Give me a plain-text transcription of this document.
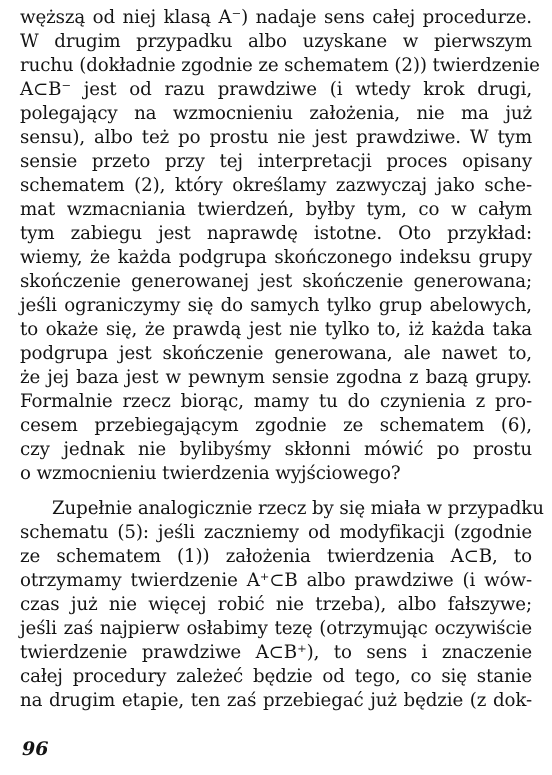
węższą od niej klasą A⁻) nadaje sens całej procedurze.
W drugim przypadku albo uzyskane w pierwszym
ruchu (dokładnie zgodnie ze schematem (2)) twierdzenie
A⊂B⁻ jest od razu prawdziwe (i wtedy krok drugi,
polegający na wzmocnieniu założenia, nie ma już
sensu), albo też po prostu nie jest prawdziwe. W tym
sensie przeto przy tej interpretacji proces opisany
schematem (2), który określamy zazwyczaj jako sche-
mat wzmacniania twierdzeń, byłby tym, co w całym
tym zabiegu jest naprawdę istotne. Oto przykład:
wiemy, że każda podgrupa skończonego indeksu grupy
skończenie generowanej jest skończenie generowana;
jeśli ograniczymy się do samych tylko grup abelowych,
to okaże się, że prawdą jest nie tylko to, iż każda taka
podgrupa jest skończenie generowana, ale nawet to,
że jej baza jest w pewnym sensie zgodna z bazą grupy.
Formalnie rzecz biorąc, mamy tu do czynienia z pro-
cesem przebiegającym zgodnie ze schematem (6),
czy jednak nie bylibyśmy skłonni mówić po prostu
o wzmocnieniu twierdzenia wyjściowego?
Zupełnie analogicznie rzecz by się miała w przypadku
schematu (5): jeśli zaczniemy od modyfikacji (zgodnie
ze schematem (1)) założenia twierdzenia A⊂B, to
otrzymamy twierdzenie A⁺⊂B albo prawdziwe (i wów-
czas już nie więcej robić nie trzeba), albo fałszywe;
jeśli zaś najpierw osłabimy tezę (otrzymując oczywiście
twierdzenie prawdziwe A⊂B⁺), to sens i znaczenie
całej procedury zależeć będzie od tego, co się stanie
na drugim etapie, ten zaś przebiegać już będzie (z dok-
96
